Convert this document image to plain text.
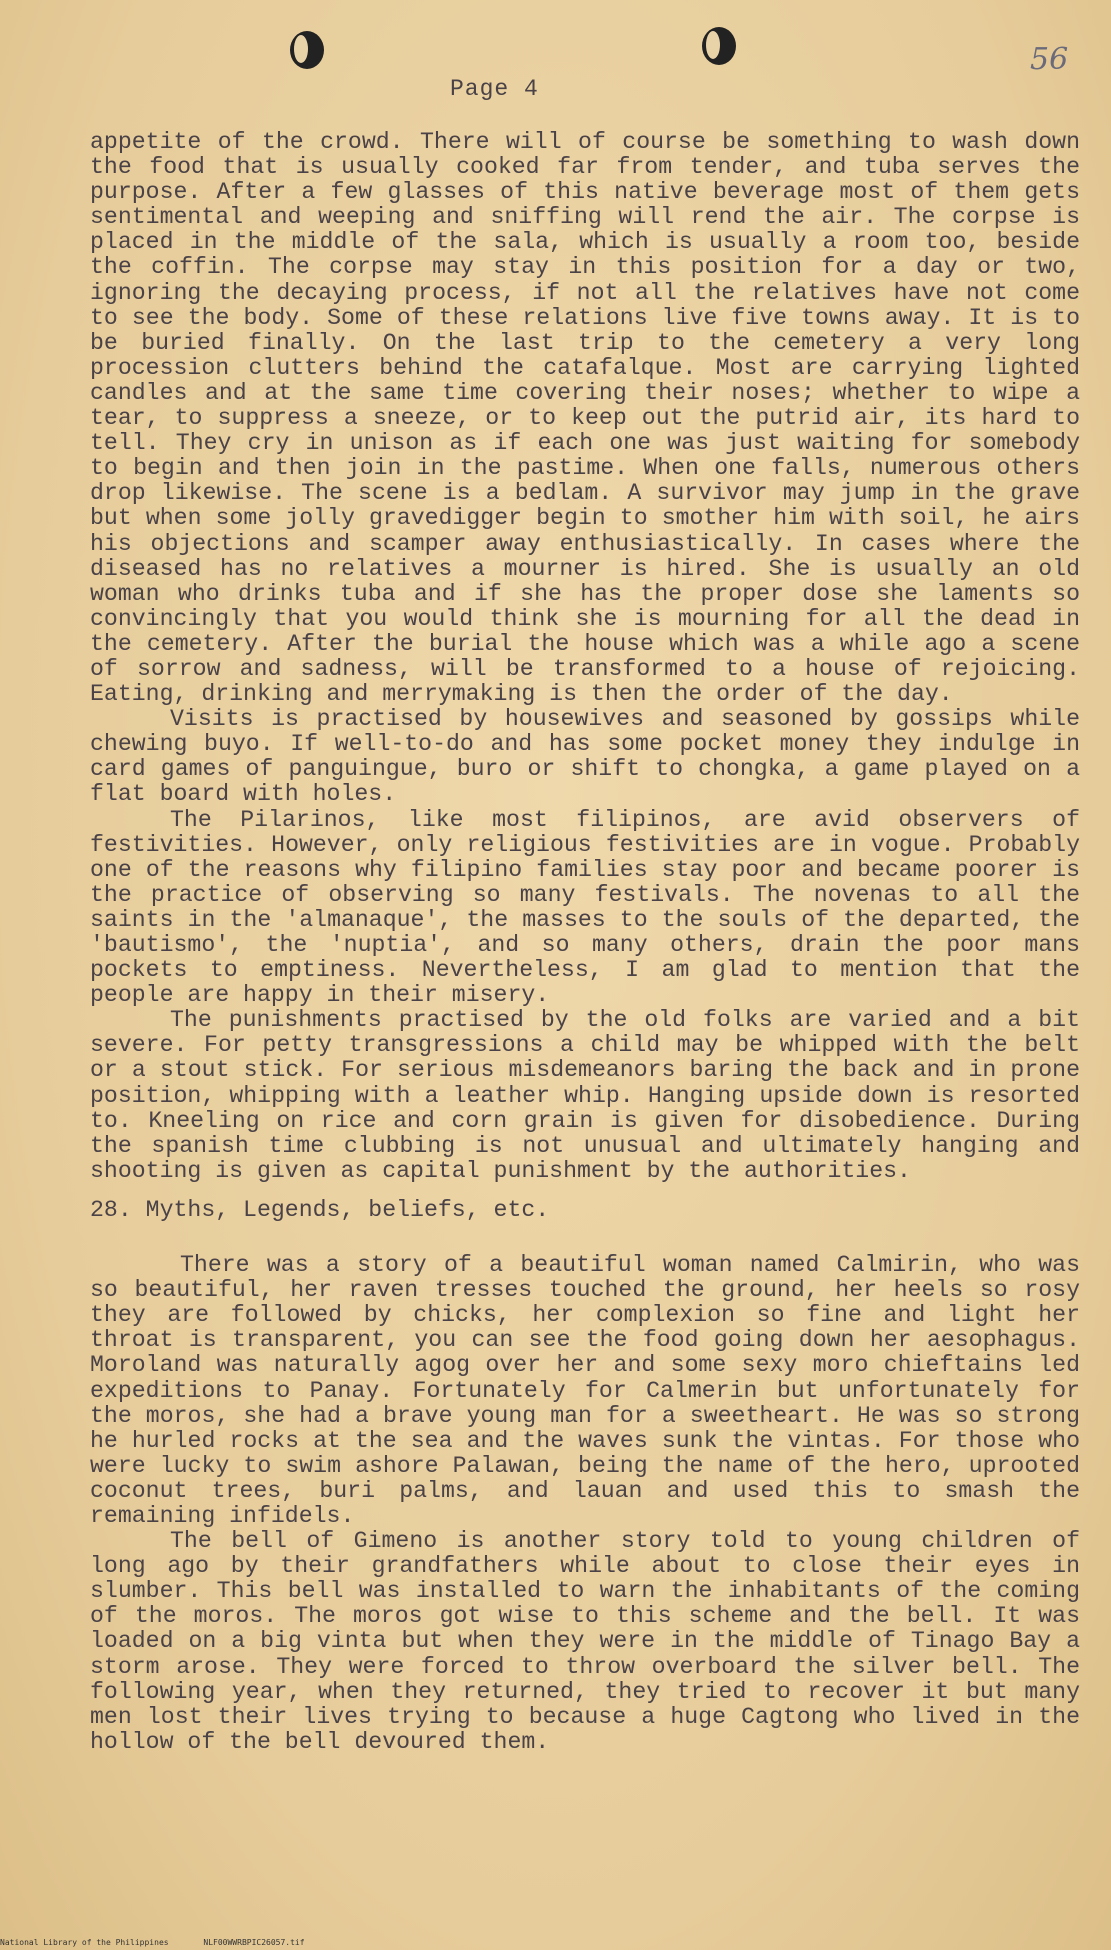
Page 4
56

appetite of the crowd. There will of course be something to wash down the food that is usually cooked far from tender, and tuba serves the purpose. After a few glasses of this native beverage most of them gets sentimental and weeping and sniffing will rend the air. The corpse is placed in the middle of the sala, which is usually a room too, beside the coffin. The corpse may stay in this position for a day or two, ignoring the decaying process, if not all the relatives have not come to see the body. Some of these relations live five towns away. It is to be buried finally. On the last trip to the cemetery a very long procession clutters behind the catafalque. Most are carrying lighted candles and at the same time covering their noses; whether to wipe a tear, to suppress a sneeze, or to keep out the putrid air, its hard to tell. They cry in unison as if each one was just waiting for somebody to begin and then join in the pastime. When one falls, numerous others drop likewise. The scene is a bedlam. A survivor may jump in the grave but when some jolly gravedigger begin to smother him with soil, he airs his objections and scamper away enthusiastically. In cases where the diseased has no relatives a mourner is hired. She is usually an old woman who drinks tuba and if she has the proper dose she laments so convincingly that you would think she is mourning for all the dead in the cemetery. After the burial the house which was a while ago a scene of sorrow and sadness, will be transformed to a house of rejoicing. Eating, drinking and merrymaking is then the order of the day.

Visits is practised by housewives and seasoned by gossips while chewing buyo. If well-to-do and has some pocket money they indulge in card games of panguingue, buro or shift to chongka, a game played on a flat board with holes.

The Pilarinos, like most filipinos, are avid observers of festivities. However, only religious festivities are in vogue. Probably one of the reasons why filipino families stay poor and became poorer is the practice of observing so many festivals. The novenas to all the saints in the 'almanaque', the masses to the souls of the departed, the 'bautismo', the 'nuptia', and so many others, drain the poor mans pockets to emptiness. Nevertheless, I am glad to mention that the people are happy in their misery.

The punishments practised by the old folks are varied and a bit severe. For petty transgressions a child may be whipped with the belt or a stout stick. For serious misdemeanors baring the back and in prone position, whipping with a leather whip. Hanging upside down is resorted to. Kneeling on rice and corn grain is given for disobedience. During the spanish time clubbing is not unusual and ultimately hanging and shooting is given as capital punishment by the authorities.

28. Myths, Legends, beliefs, etc.

There was a story of a beautiful woman named Calmirin, who was so beautiful, her raven tresses touched the ground, her heels so rosy they are followed by chicks, her complexion so fine and light her throat is transparent, you can see the food going down her aesophagus. Moroland was naturally agog over her and some sexy moro chieftains led expeditions to Panay. Fortunately for Calmerin but unfortunately for the moros, she had a brave young man for a sweetheart. He was so strong he hurled rocks at the sea and the waves sunk the vintas. For those who were lucky to swim ashore Palawan, being the name of the hero, uprooted coconut trees, buri palms, and lauan and used this to smash the remaining infidels.

The bell of Gimeno is another story told to young children of long ago by their grandfathers while about to close their eyes in slumber. This bell was installed to warn the inhabitants of the coming of the moros. The moros got wise to this scheme and the bell. It was loaded on a big vinta but when they were in the middle of Tinago Bay a storm arose. They were forced to throw overboard the silver bell. The following year, when they returned, they tried to recover it but many men lost their lives trying to because a huge Cagtong who lived in the hollow of the bell devoured them.

National Library of the Philippines	NLF00WWRBPIC26057.tif
